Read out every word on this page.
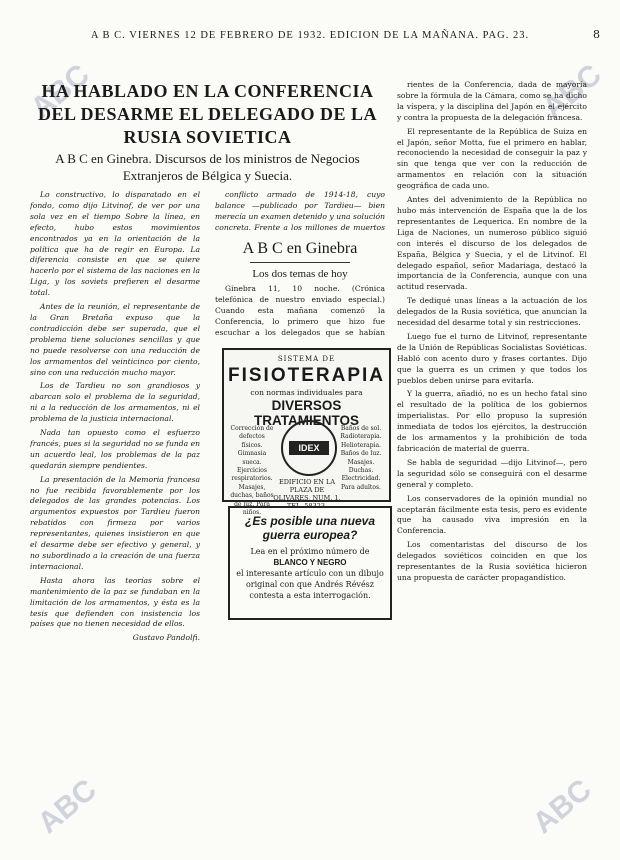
ABC	ABC
ABC	ABC
A B C. VIERNES 12 DE FEBRERO DE 1932. EDICION DE LA MAÑANA. PAG. 23.	8
HA HABLADO EN LA CONFERENCIA DEL DESARME EL DELEGADO DE LA RUSIA SOVIETICA
A B C en Ginebra. Discursos de los ministros de Negocios Extranjeros de Bélgica y Suecia.

Lo constructivo, lo disparatado en el fondo, como dijo Litvinof, de ver por una sola vez en el tiempo Sobre la línea, en efecto, hubo estos movimientos encontrados ya en la orientación de la política que ha de regir en Europa. La diferencia consiste en que se quiere hacerlo por el sistema de las naciones en la Liga, y los soviets prefieren el desarme total.

Antes de la reunión, el representante de la Gran Bretaña expuso que la contradicción debe ser superada, que el problema tiene soluciones sencillas y que no puede resolverse con una reducción de los armamentos del veinticinco por ciento, sino con una reducción mucho mayor.

Los de Tardieu no son grandiosos y abarcan solo el problema de la seguridad, ni a la reducción de los armamentos, ni el problema de la justicia internacional.

Nada tan opuesto como el esfuerzo francés, pues si la seguridad no se funda en un acuerdo leal, los problemas de la paz quedarán siempre pendientes.

La presentación de la Memoria francesa no fue recibida favorablemente por los delegados de las grandes potencias. Los argumentos expuestos por Tardieu fueron rebatidos con firmeza por varios representantes, quienes insistieron en que el desarme debe ser efectivo y general, y no subordinado a la creación de una fuerza internacional.

Hasta ahora las teorías sobre el mantenimiento de la paz se fundaban en la limitación de los armamentos, y ésta es la tesis que defienden con insistencia los países que no tienen necesidad de ellos.

Gustavo Pandolfi.

conflicto armado de 1914-18, cuyo balance —publicado por Tardieu— bien merecía un examen detenido y una solución concreta. Frente a los millones de muertos

A B C en Ginebra
Los dos temas de hoy

Ginebra 11, 10 noche. (Crónica telefónica de nuestro enviado especial.) Cuando esta mañana comenzó la Conferencia, lo primero que hizo fue escuchar a los delegados que se habían

SISTEMA DE
FISIOTERAPIA
con normas individuales para
DIVERSOS TRATAMIENTOS
Corrección de defectos físicos. Gimnasia sueca. Ejercicios respiratorios. Masajes, duchas, baños de luz. Para niños.
IDEX
Baños de sol. Radioterapia. Helioterapia. Baños de luz. Masajes. Duchas. Electricidad. Para adultos.
EDIFICIO EN LA PLAZA DE OLIVARES, NUM. 1. TEL. 58323.
¿Es posible una nueva guerra europea?
Lea en el próximo número de
BLANCO Y NEGRO
el interesante artículo con un dibujo original con que Andrés Révész contesta a esta interrogación.

rientes de la Conferencia, dada de mayoría sobre la fórmula de la Cámara, como se ha dicho la víspera, y la disciplina del Japón en el ejército y contra la propuesta de la delegación francesa.

El representante de la República de Suiza en el Japón, señor Motta, fue el primero en hablar, reconociendo la necesidad de conseguir la paz y sin que tenga que ver con la reducción de armamentos en relación con la situación geográfica de cada uno.

Antes del advenimiento de la República no hubo más intervención de España que la de los representantes de Lequerica. En nombre de la Liga de Naciones, un numeroso público siguió con interés el discurso de los delegados de España, Bélgica y Suecia, y el de Litvinof. El delegado español, señor Madariaga, destacó la importancia de la Conferencia, aunque con una actitud reservada.

Te dediqué unas líneas a la actuación de los delegados de la Rusia soviética, que anuncian la necesidad del desarme total y sin restricciones.

Luego fue el turno de Litvinof, representante de la Unión de Repúblicas Socialistas Soviéticas. Habló con acento duro y frases cortantes. Dijo que la guerra es un crimen y que todos los pueblos deben unirse para evitarla.

Y la guerra, añadió, no es un hecho fatal sino el resultado de la política de los gobiernos imperialistas. Por ello propuso la supresión inmediata de todos los ejércitos, la destrucción de los armamentos y la prohibición de toda fabricación de material de guerra.

Se habla de seguridad —dijo Litvinof—, pero la seguridad sólo se conseguirá con el desarme general y completo.

Los conservadores de la opinión mundial no aceptarán fácilmente esta tesis, pero es evidente que ha causado viva impresión en la Conferencia.

Los comentaristas del discurso de los delegados soviéticos coinciden en que los representantes de la Rusia soviética hicieron una propuesta de carácter propagandístico.
